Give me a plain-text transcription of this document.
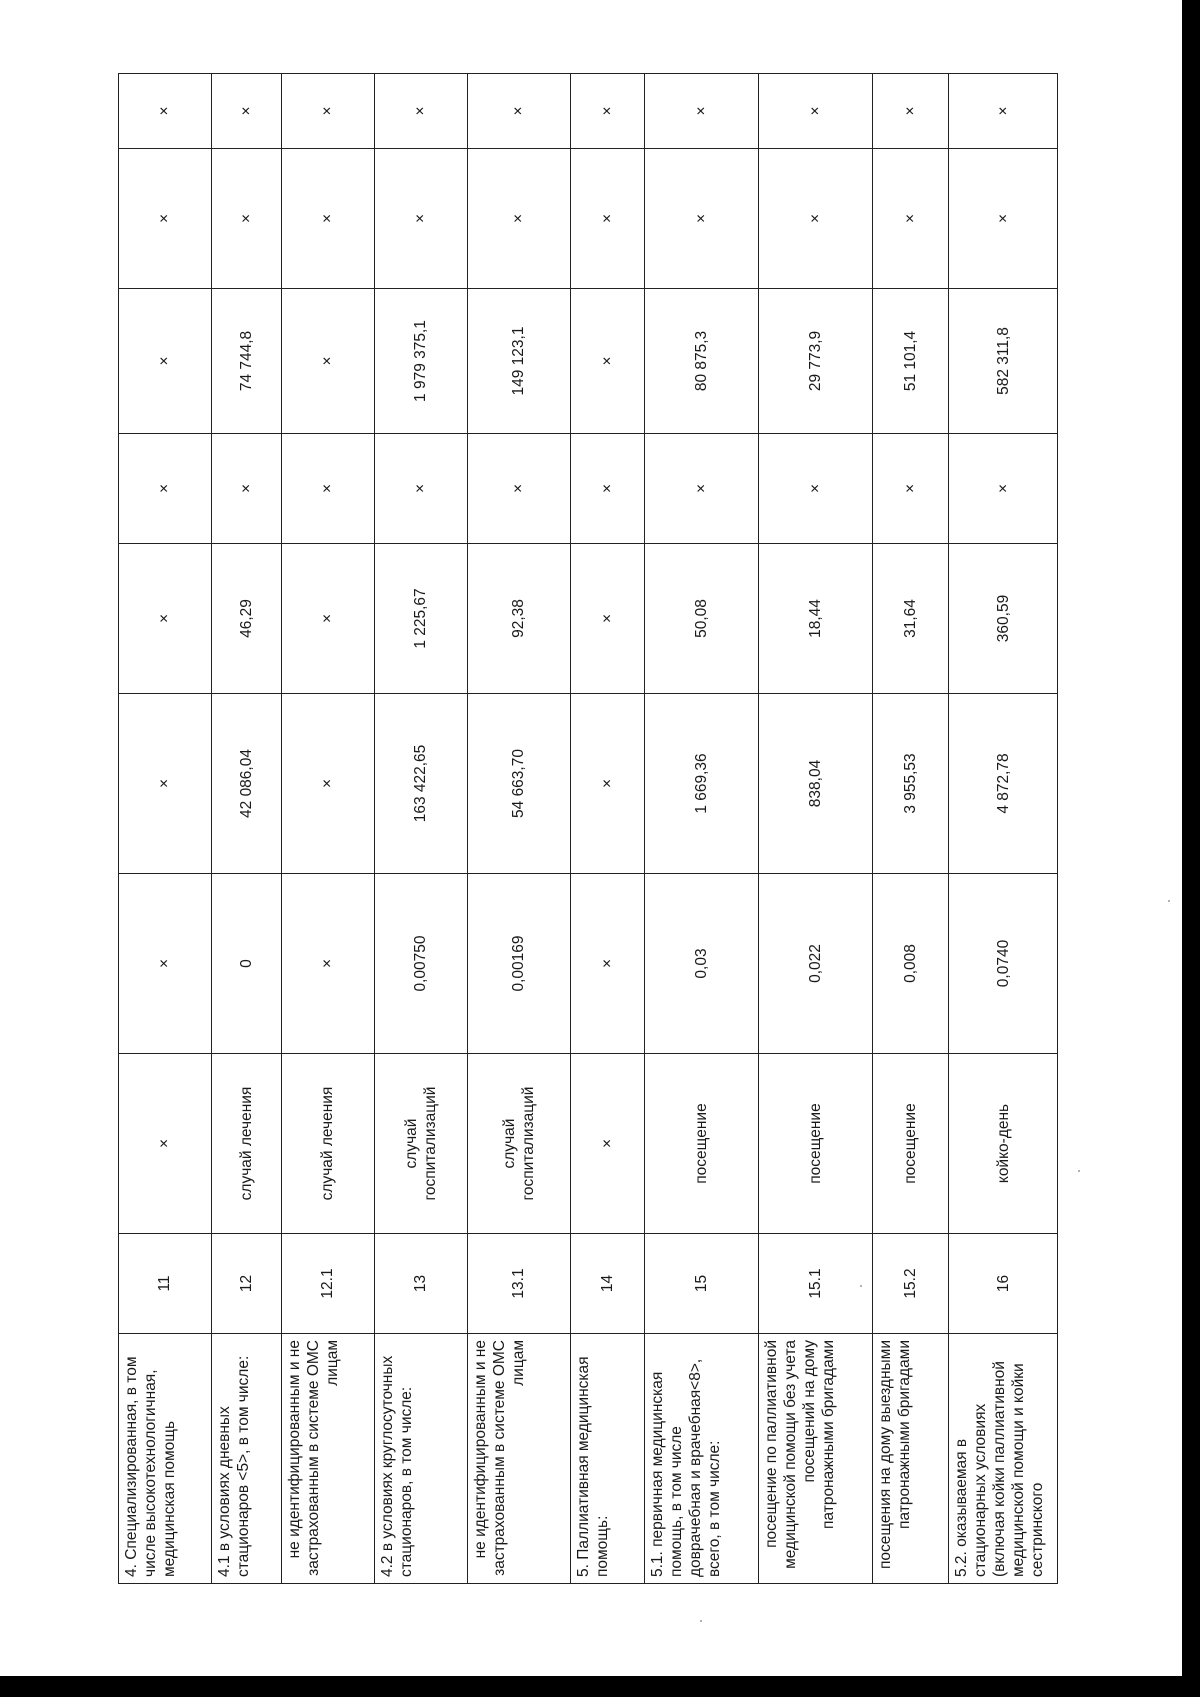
4. Специализированная, в том числе высокотехнологичная, медицинская помощь	11	×	×	×	×	×	×	×	×
4.1 в условиях дневных стационаров <5>, в том числе:	12	случай лечения	0	42 086,04	46,29	×	74 744,8	×	×
не идентифицированным и не застрахованным в системе ОМС лицам	12.1	случай лечения	×	×	×	×	×	×	×
4.2 в условиях круглосуточных стационаров, в том числе:	13	случай госпитализаций	0,00750	163 422,65	1 225,67	×	1 979 375,1	×	×
не идентифицированным и не застрахованным в системе ОМС лицам	13.1	случай госпитализаций	0,00169	54 663,70	92,38	×	149 123,1	×	×
5. Паллиативная медицинская помощь:	14	×	×	×	×	×	×	×	×
5.1. первичная медицинская помощь, в том числе доврачебная и врачебная<8>, всего, в том числе:	15	посещение	0,03	1 669,36	50,08	×	80 875,3	×	×
посещение по паллиативной медицинской помощи без учета посещений на дому патронажными бригадами	15.1	посещение	0,022	838,04	18,44	×	29 773,9	×	×
посещения на дому выездными патронажными бригадами	15.2	посещение	0,008	3 955,53	31,64	×	51 101,4	×	×
5.2. оказываемая в стационарных условиях (включая койки паллиативной медицинской помощи и койки сестринского	16	койко-день	0,0740	4 872,78	360,59	×	582 311,8	×	×
